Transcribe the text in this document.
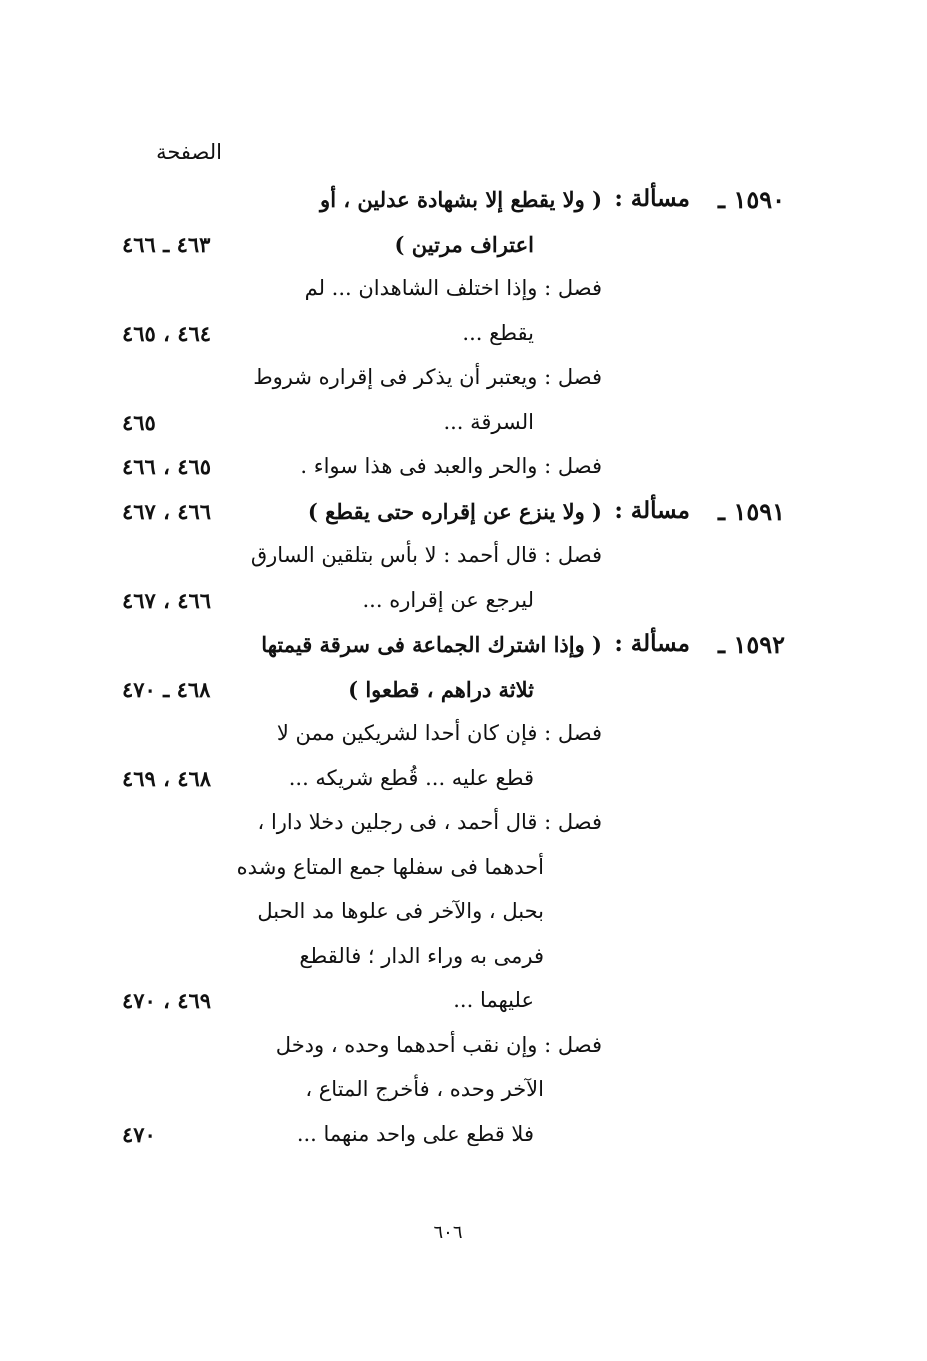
الصفحة
١٥٩٠ ـ
مسألة :
( ولا يقطع إلا بشهادة عدلين ، أو
اعتراف مرتين )
٤٦٣ ـ ٤٦٦
فصل : وإذا اختلف الشاهدان ... لم
يقطع ...
٤٦٤ ، ٤٦٥
فصل : ويعتبر أن يذكر فى إقراره شروط
السرقة ...
٤٦٥
فصل : والحر والعبد فى هذا سواء .
٤٦٥ ، ٤٦٦
١٥٩١ ـ
مسألة :
( ولا ينزع عن إقراره حتى يقطع )
٤٦٦ ، ٤٦٧
فصل : قال أحمد : لا بأس بتلقين السارق
ليرجع عن إقراره ...
٤٦٦ ، ٤٦٧
١٥٩٢ ـ
مسألة :
( وإذا اشترك الجماعة فى سرقة قيمتها
ثلاثة دراهم ، قطعوا )
٤٦٨ ـ ٤٧٠
فصل : فإن كان أحدا لشريكين ممن لا
قطع عليه ... قُطع شريكه ...
٤٦٨ ، ٤٦٩
فصل : قال أحمد ، فى رجلين دخلا دارا ،
أحدهما فى سفلها جمع المتاع وشده
بحبل ، والآخر فى علوها مد الحبل
فرمى به وراء الدار ؛ فالقطع
عليهما ...
٤٦٩ ، ٤٧٠
فصل : وإن نقب أحدهما وحده ، ودخل
الآخر وحده ، فأخرج المتاع ،
فلا قطع على واحد منهما ...
٤٧٠
٦٠٦
